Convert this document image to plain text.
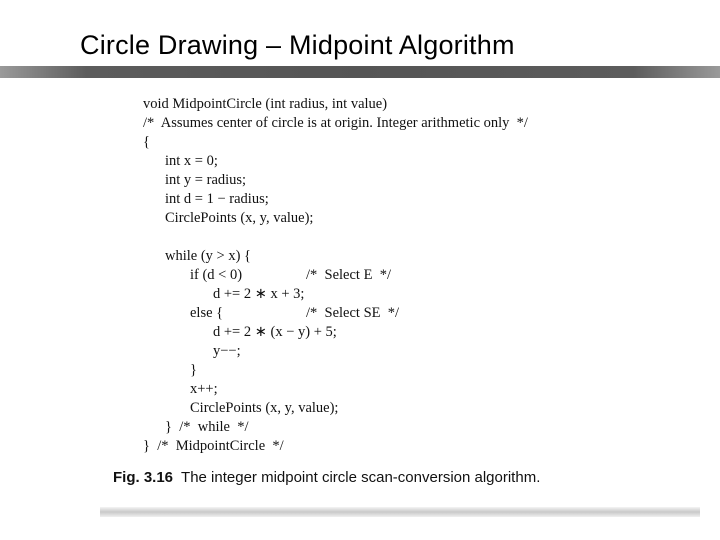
Circle Drawing – Midpoint Algorithm
void MidpointCircle (int radius, int value)
/*  Assumes center of circle is at origin. Integer arithmetic only  */
{
int x = 0;
int y = radius;
int d = 1 − radius;
CirclePoints (x, y, value);
while (y > x) {
if (d < 0)	/*  Select E  */
d += 2 ∗ x + 3;
else {	/*  Select SE  */
d += 2 ∗ (x − y) + 5;
y−−;
}
x++;
CirclePoints (x, y, value);
}  /*  while  */
}  /*  MidpointCircle  */
Fig. 3.16 The integer midpoint circle scan-conversion algorithm.
